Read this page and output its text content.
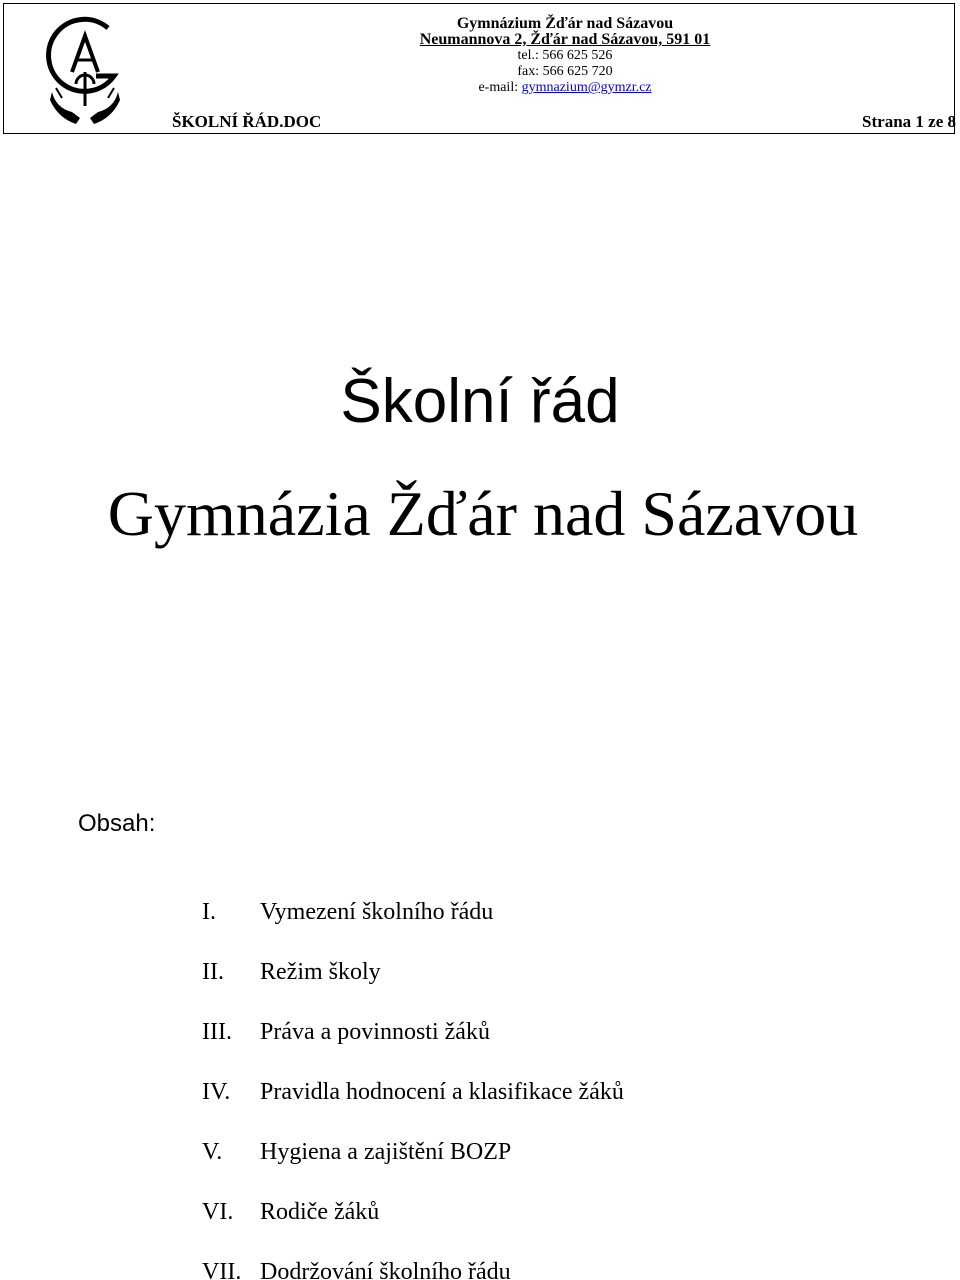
Gymnázium Žďár nad Sázavou
Neumannova 2, Žďár nad Sázavou, 591 01
tel.: 566 625 526
fax: 566 625 720
e-mail: gymnazium@gymzr.cz
ŠKOLNÍ ŘÁD.DOC	Strana 1 ze 8
Školní řád
Gymnázia Žďár nad Sázavou
Obsah:
I. Vymezení školního řádu
II. Režim školy
III. Práva a povinnosti žáků
IV. Pravidla hodnocení a klasifikace žáků
V. Hygiena a zajištění BOZP
VI. Rodiče žáků
VII. Dodržování školního řádu
